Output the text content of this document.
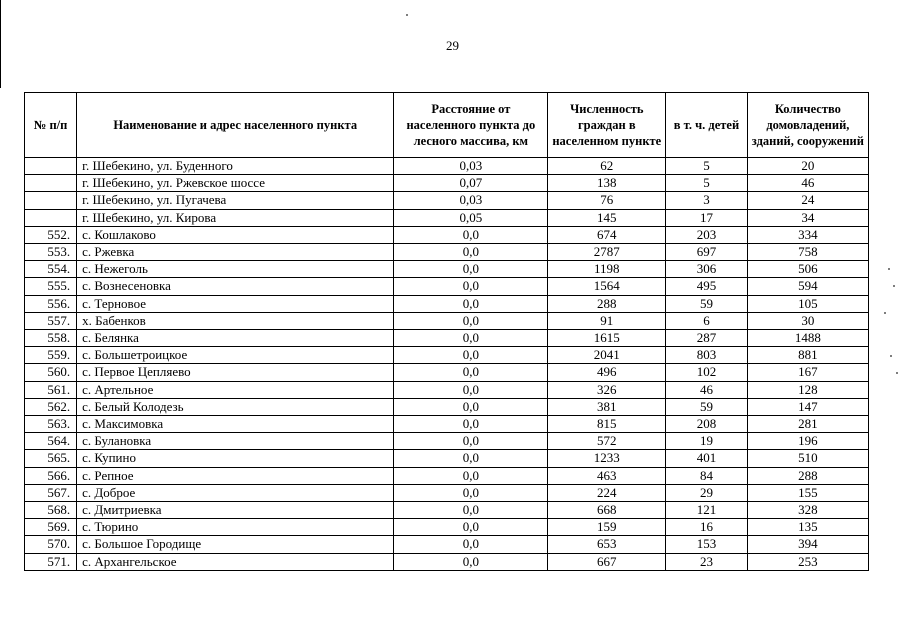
29
№ п/п	Наименование и адрес населенного пункта	Расстояние от населенного пункта до лесного массива, км	Численность граждан в населенном пункте	в т. ч. детей	Количество домовладений, зданий, сооружений
	г. Шебекино, ул. Буденного	0,03	62	5	20
	г. Шебекино, ул. Ржевское шоссе	0,07	138	5	46
	г. Шебекино, ул. Пугачева	0,03	76	3	24
	г. Шебекино, ул. Кирова	0,05	145	17	34
552.	с. Кошлаково	0,0	674	203	334
553.	с. Ржевка	0,0	2787	697	758
554.	с. Нежеголь	0,0	1198	306	506
555.	с. Вознесеновка	0,0	1564	495	594
556.	с. Терновое	0,0	288	59	105
557.	х. Бабенков	0,0	91	6	30
558.	с. Белянка	0,0	1615	287	1488
559.	с. Большетроицкое	0,0	2041	803	881
560.	с. Первое Цепляево	0,0	496	102	167
561.	с. Артельное	0,0	326	46	128
562.	с. Белый Колодезь	0,0	381	59	147
563.	с. Максимовка	0,0	815	208	281
564.	с. Булановка	0,0	572	19	196
565.	с. Купино	0,0	1233	401	510
566.	с. Репное	0,0	463	84	288
567.	с. Доброе	0,0	224	29	155
568.	с. Дмитриевка	0,0	668	121	328
569.	с. Тюрино	0,0	159	16	135
570.	с. Большое Городище	0,0	653	153	394
571.	с. Архангельское	0,0	667	23	253
